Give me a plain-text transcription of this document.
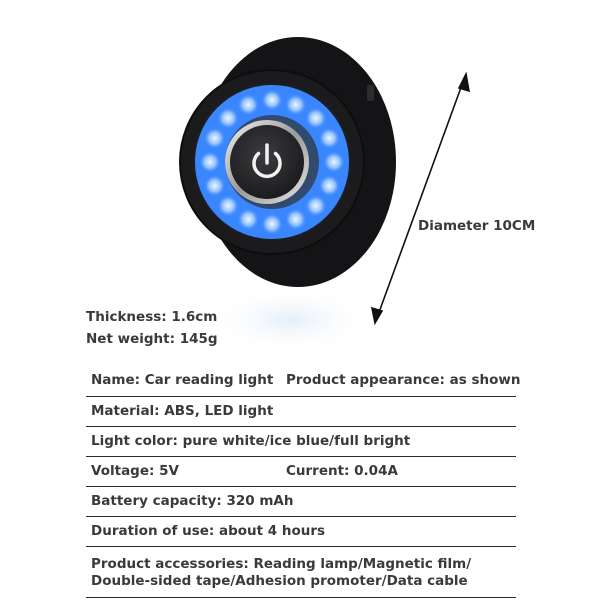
Diameter 10CM
Thickness: 1.6cm
Net weight: 145g
Name: Car reading light Product appearance: as shown
Material: ABS, LED light
Light color: pure white/ice blue/full bright
Voltage: 5V	Current: 0.04A
Battery capacity: 320 mAh
Duration of use: about 4 hours
Product accessories: Reading lamp/Magnetic film/ Double-sided tape/Adhesion promoter/Data cable
